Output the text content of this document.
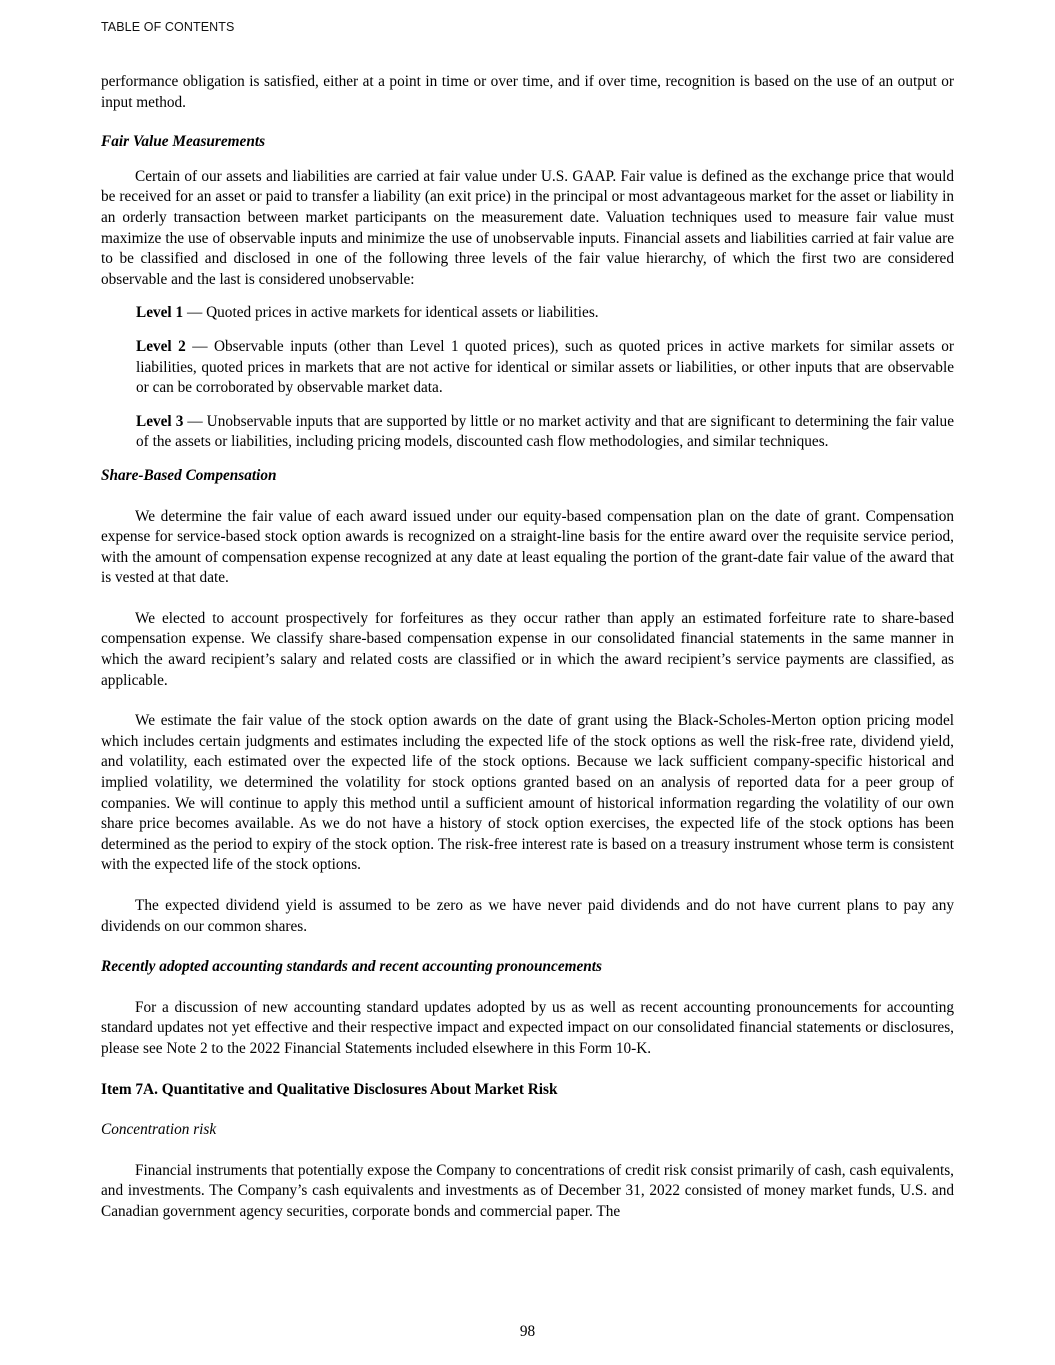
TABLE OF CONTENTS

performance obligation is satisfied, either at a point in time or over time, and if over time, recognition is based on the use of an output or input method.

Fair Value Measurements

Certain of our assets and liabilities are carried at fair value under U.S. GAAP. Fair value is defined as the exchange price that would be received for an asset or paid to transfer a liability (an exit price) in the principal or most advantageous market for the asset or liability in an orderly transaction between market participants on the measurement date. Valuation techniques used to measure fair value must maximize the use of observable inputs and minimize the use of unobservable inputs. Financial assets and liabilities carried at fair value are to be classified and disclosed in one of the following three levels of the fair value hierarchy, of which the first two are considered observable and the last is considered unobservable:

Level 1 — Quoted prices in active markets for identical assets or liabilities.

Level 2 — Observable inputs (other than Level 1 quoted prices), such as quoted prices in active markets for similar assets or liabilities, quoted prices in markets that are not active for identical or similar assets or liabilities, or other inputs that are observable or can be corroborated by observable market data.

Level 3 — Unobservable inputs that are supported by little or no market activity and that are significant to determining the fair value of the assets or liabilities, including pricing models, discounted cash flow methodologies, and similar techniques.

Share-Based Compensation

We determine the fair value of each award issued under our equity-based compensation plan on the date of grant. Compensation expense for service-based stock option awards is recognized on a straight-line basis for the entire award over the requisite service period, with the amount of compensation expense recognized at any date at least equaling the portion of the grant-date fair value of the award that is vested at that date.

We elected to account prospectively for forfeitures as they occur rather than apply an estimated forfeiture rate to share-based compensation expense. We classify share-based compensation expense in our consolidated financial statements in the same manner in which the award recipient’s salary and related costs are classified or in which the award recipient’s service payments are classified, as applicable.

We estimate the fair value of the stock option awards on the date of grant using the Black-Scholes-Merton option pricing model which includes certain judgments and estimates including the expected life of the stock options as well the risk-free rate, dividend yield, and volatility, each estimated over the expected life of the stock options. Because we lack sufficient company-specific historical and implied volatility, we determined the volatility for stock options granted based on an analysis of reported data for a peer group of companies. We will continue to apply this method until a sufficient amount of historical information regarding the volatility of our own share price becomes available. As we do not have a history of stock option exercises, the expected life of the stock options has been determined as the period to expiry of the stock option. The risk-free interest rate is based on a treasury instrument whose term is consistent with the expected life of the stock options.

The expected dividend yield is assumed to be zero as we have never paid dividends and do not have current plans to pay any dividends on our common shares.

Recently adopted accounting standards and recent accounting pronouncements

For a discussion of new accounting standard updates adopted by us as well as recent accounting pronouncements for accounting standard updates not yet effective and their respective impact and expected impact on our consolidated financial statements or disclosures, please see Note 2 to the 2022 Financial Statements included elsewhere in this Form 10-K.

Item 7A. Quantitative and Qualitative Disclosures About Market Risk

Concentration risk

Financial instruments that potentially expose the Company to concentrations of credit risk consist primarily of cash, cash equivalents, and investments. The Company’s cash equivalents and investments as of December 31, 2022 consisted of money market funds, U.S. and Canadian government agency securities, corporate bonds and commercial paper. The

98
